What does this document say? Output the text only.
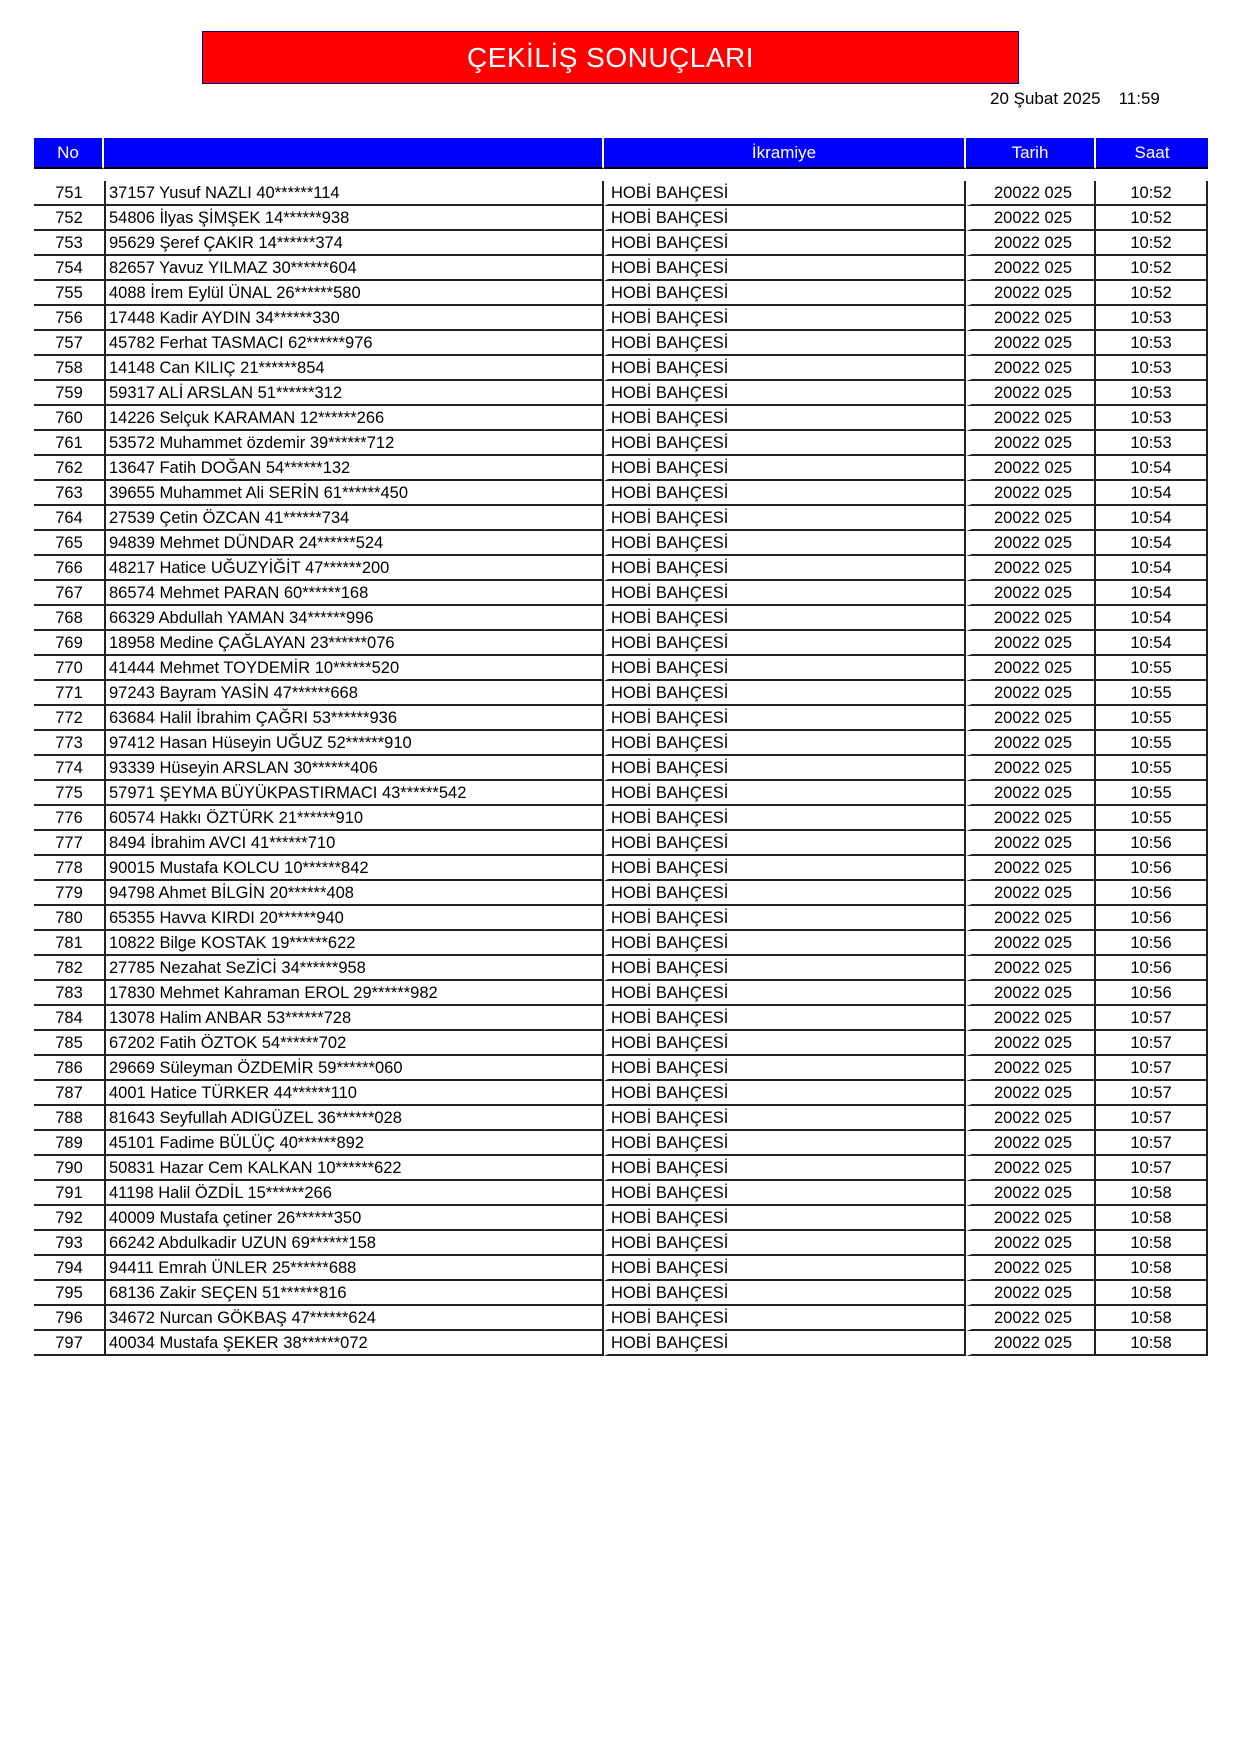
ÇEKİLİŞ SONUÇLARI
20 Şubat 2025 11:59
No		İkramiye	Tarih	Saat

751	37157 Yusuf NAZLI 40******114	HOBİ BAHÇESİ	20022 025	10:52
752	54806 İlyas ŞİMŞEK 14******938	HOBİ BAHÇESİ	20022 025	10:52
753	95629 Şeref ÇAKIR 14******374	HOBİ BAHÇESİ	20022 025	10:52
754	82657 Yavuz YILMAZ 30******604	HOBİ BAHÇESİ	20022 025	10:52
755	4088 İrem Eylül ÜNAL 26******580	HOBİ BAHÇESİ	20022 025	10:52
756	17448 Kadir AYDIN 34******330	HOBİ BAHÇESİ	20022 025	10:53
757	45782 Ferhat TASMACI 62******976	HOBİ BAHÇESİ	20022 025	10:53
758	14148 Can KILIÇ 21******854	HOBİ BAHÇESİ	20022 025	10:53
759	59317 ALİ ARSLAN 51******312	HOBİ BAHÇESİ	20022 025	10:53
760	14226 Selçuk KARAMAN 12******266	HOBİ BAHÇESİ	20022 025	10:53
761	53572 Muhammet özdemir 39******712	HOBİ BAHÇESİ	20022 025	10:53
762	13647 Fatih DOĞAN 54******132	HOBİ BAHÇESİ	20022 025	10:54
763	39655 Muhammet Ali SERİN 61******450	HOBİ BAHÇESİ	20022 025	10:54
764	27539 Çetin ÖZCAN 41******734	HOBİ BAHÇESİ	20022 025	10:54
765	94839 Mehmet DÜNDAR 24******524	HOBİ BAHÇESİ	20022 025	10:54
766	48217 Hatice UĞUZYİĞİT 47******200	HOBİ BAHÇESİ	20022 025	10:54
767	86574 Mehmet PARAN 60******168	HOBİ BAHÇESİ	20022 025	10:54
768	66329 Abdullah YAMAN 34******996	HOBİ BAHÇESİ	20022 025	10:54
769	18958 Medine ÇAĞLAYAN 23******076	HOBİ BAHÇESİ	20022 025	10:54
770	41444 Mehmet TOYDEMİR 10******520	HOBİ BAHÇESİ	20022 025	10:55
771	97243 Bayram YASİN 47******668	HOBİ BAHÇESİ	20022 025	10:55
772	63684 Halil İbrahim ÇAĞRI 53******936	HOBİ BAHÇESİ	20022 025	10:55
773	97412 Hasan Hüseyin UĞUZ 52******910	HOBİ BAHÇESİ	20022 025	10:55
774	93339 Hüseyin ARSLAN 30******406	HOBİ BAHÇESİ	20022 025	10:55
775	57971 ŞEYMA BÜYÜKPASTIRMACI 43******542	HOBİ BAHÇESİ	20022 025	10:55
776	60574 Hakkı ÖZTÜRK 21******910	HOBİ BAHÇESİ	20022 025	10:55
777	8494 İbrahim AVCI 41******710	HOBİ BAHÇESİ	20022 025	10:56
778	90015 Mustafa KOLCU 10******842	HOBİ BAHÇESİ	20022 025	10:56
779	94798 Ahmet BİLGİN 20******408	HOBİ BAHÇESİ	20022 025	10:56
780	65355 Havva KIRDI 20******940	HOBİ BAHÇESİ	20022 025	10:56
781	10822 Bilge KOSTAK 19******622	HOBİ BAHÇESİ	20022 025	10:56
782	27785 Nezahat SeZİCİ 34******958	HOBİ BAHÇESİ	20022 025	10:56
783	17830 Mehmet Kahraman EROL 29******982	HOBİ BAHÇESİ	20022 025	10:56
784	13078 Halim ANBAR 53******728	HOBİ BAHÇESİ	20022 025	10:57
785	67202 Fatih ÖZTOK 54******702	HOBİ BAHÇESİ	20022 025	10:57
786	29669 Süleyman ÖZDEMİR 59******060	HOBİ BAHÇESİ	20022 025	10:57
787	4001 Hatice TÜRKER 44******110	HOBİ BAHÇESİ	20022 025	10:57
788	81643 Seyfullah ADIGÜZEL 36******028	HOBİ BAHÇESİ	20022 025	10:57
789	45101 Fadime BÜLÜÇ 40******892	HOBİ BAHÇESİ	20022 025	10:57
790	50831 Hazar Cem KALKAN 10******622	HOBİ BAHÇESİ	20022 025	10:57
791	41198 Halil ÖZDİL 15******266	HOBİ BAHÇESİ	20022 025	10:58
792	40009 Mustafa çetiner 26******350	HOBİ BAHÇESİ	20022 025	10:58
793	66242 Abdulkadir UZUN 69******158	HOBİ BAHÇESİ	20022 025	10:58
794	94411 Emrah ÜNLER 25******688	HOBİ BAHÇESİ	20022 025	10:58
795	68136 Zakir SEÇEN 51******816	HOBİ BAHÇESİ	20022 025	10:58
796	34672 Nurcan GÖKBAŞ 47******624	HOBİ BAHÇESİ	20022 025	10:58
797	40034 Mustafa ŞEKER 38******072	HOBİ BAHÇESİ	20022 025	10:58
